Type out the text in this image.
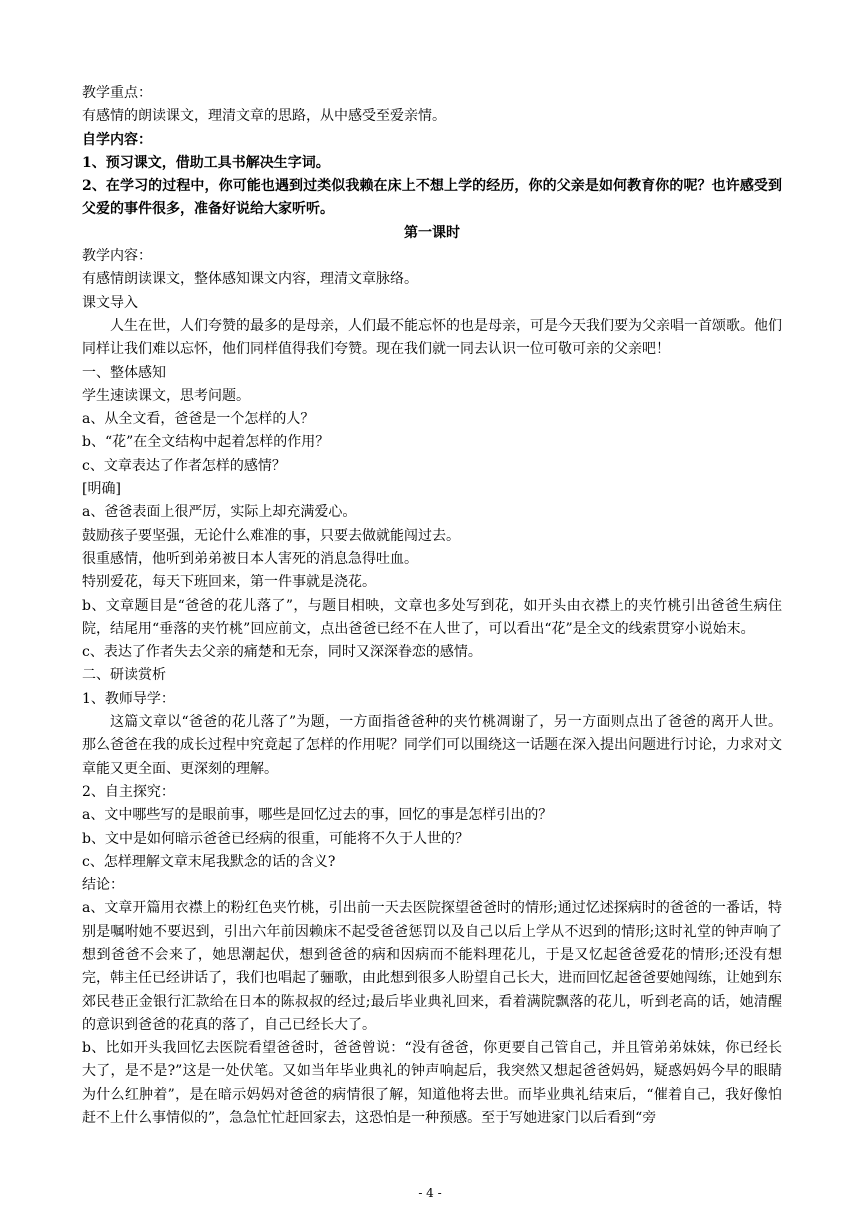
教学重点：
有感情的朗读课文，理清文章的思路，从中感受至爱亲情。
自学内容：
1、预习课文，借助工具书解决生字词。
2、在学习的过程中，你可能也遇到过类似我赖在床上不想上学的经历，你的父亲是如何教育你的呢？也许感受到父爱的事件很多，准备好说给大家听听。
第一课时
教学内容：
有感情朗读课文，整体感知课文内容，理清文章脉络。
课文导入
人生在世，人们夸赞的最多的是母亲，人们最不能忘怀的也是母亲，可是今天我们要为父亲唱一首颂歌。他们同样让我们难以忘怀，他们同样值得我们夸赞。现在我们就一同去认识一位可敬可亲的父亲吧！
一、整体感知
学生速读课文，思考问题。
a、从全文看，爸爸是一个怎样的人？
b、“花”在全文结构中起着怎样的作用？
c、文章表达了作者怎样的感情？
[明确]
a、爸爸表面上很严厉，实际上却充满爱心。
鼓励孩子要坚强，无论什么难准的事，只要去做就能闯过去。
很重感情，他听到弟弟被日本人害死的消息急得吐血。
特别爱花，每天下班回来，第一件事就是浇花。
b、文章题目是“爸爸的花儿落了”，与题目相映，文章也多处写到花，如开头由衣襟上的夹竹桃引出爸爸生病住院，结尾用“垂落的夹竹桃”回应前文，点出爸爸已经不在人世了，可以看出“花”是全文的线索贯穿小说始末。
c、表达了作者失去父亲的痛楚和无奈，同时又深深眷恋的感情。
二、研读赏析
1、教师导学：
这篇文章以“爸爸的花儿落了”为题，一方面指爸爸种的夹竹桃凋谢了，另一方面则点出了爸爸的离开人世。那么爸爸在我的成长过程中究竟起了怎样的作用呢？同学们可以围绕这一话题在深入提出问题进行讨论，力求对文章能又更全面、更深刻的理解。
2、自主探究：
a、文中哪些写的是眼前事，哪些是回忆过去的事，回忆的事是怎样引出的？
b、文中是如何暗示爸爸已经病的很重，可能将不久于人世的？
c、怎样理解文章末尾我默念的话的含义?
结论：
a、文章开篇用衣襟上的粉红色夹竹桃，引出前一天去医院探望爸爸时的情形;通过忆述探病时的爸爸的一番话，特别是嘱咐她不要迟到，引出六年前因赖床不起受爸爸惩罚以及自己以后上学从不迟到的情形;这时礼堂的钟声响了想到爸爸不会来了，她思潮起伏，想到爸爸的病和因病而不能料理花儿，于是又忆起爸爸爱花的情形;还没有想完，韩主任已经讲话了，我们也唱起了骊歌，由此想到很多人盼望自己长大，进而回忆起爸爸要她闯练，让她到东郊民巷正金银行汇款给在日本的陈叔叔的经过;最后毕业典礼回来，看着满院飘落的花儿，听到老高的话，她清醒的意识到爸爸的花真的落了，自己已经长大了。
b、比如开头我回忆去医院看望爸爸时，爸爸曾说：“没有爸爸，你更要自己管自己，并且管弟弟妹妹，你已经长大了，是不是?”这是一处伏笔。又如当年毕业典礼的钟声响起后，我突然又想起爸爸妈妈，疑惑妈妈今早的眼睛为什么红肿着”，是在暗示妈妈对爸爸的病情很了解，知道他将去世。而毕业典礼结束后，“催着自己，我好像怕赶不上什么事情似的”，急急忙忙赶回家去，这恐怕是一种预感。至于写她进家门以后看到“旁
- 4 -
